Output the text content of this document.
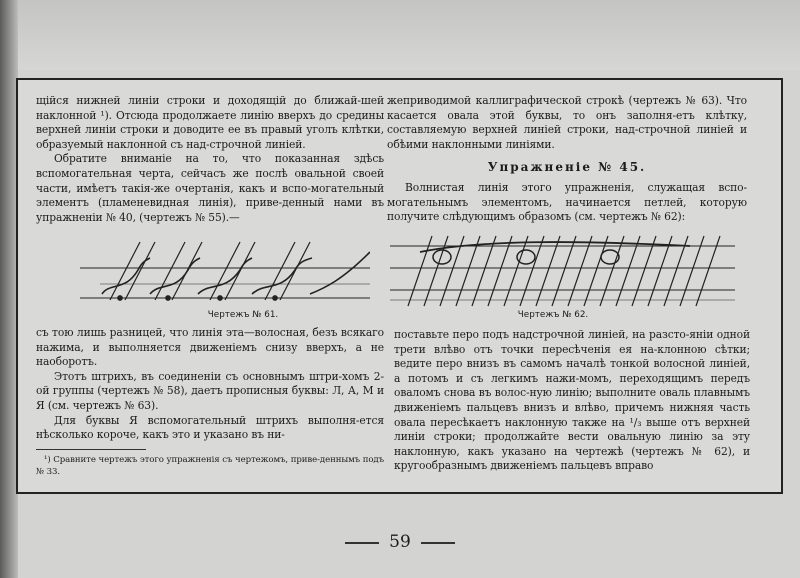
щійся нижней линіи строки и доходящій до ближай-шей наклонной ¹). Отсюда продолжаете линію вверхъ до средины верхней линіи строки и доводите ее въ правый уголъ клѣтки, образуемый наклонной съ над-строчной линіей.

Обратите вниманіе на то, что показанная здѣсь вспомогательная черта, сейчасъ же послѣ овальной своей части, имѣетъ такія-же очертанія, какъ и вспо-могательный элементъ (пламеневидная линія), приве-денный нами въ упражненіи № 40, (чертежъ № 55).—

жеприводимой каллиграфической строкѣ (чертежъ № 63). Что касается овала этой буквы, то онъ заполня-етъ клѣтку, составляемую верхней линіей строки, над-строчной линіей и обѣими наклонными линіями.

Упражненіе № 45.

Волнистая линія этого упражненія, служащая вспо-могательнымъ элементомъ, начинается петлей, которую получите слѣдующимъ образомъ (см. чертежъ № 62):

Чертежъ № 61.	Чертежъ № 62.

съ тою лишь разницей, что линія эта—волосная, безъ всякаго нажима, и выполняется движеніемъ снизу вверхъ, а не наоборотъ.

Этотъ штрихъ, въ соединеніи съ основнымъ штри-хомъ 2-ой группы (чертежъ № 58), даетъ прописныя буквы: Л, А, М и Я (см. чертежъ № 63).

Для буквы Я вспомогательный штрихъ выполня-ется нѣсколько короче, какъ это и указано въ ни-

¹) Сравните чертежъ этого упражненія съ чертежомъ, приве-деннымъ подъ № 33.

поставьте перо подъ надстрочной линіей, на разсто-яніи одной трети влѣво отъ точки пересѣченія ея на-клонною сѣтки; ведите перо внизъ въ самомъ началѣ тонкой волосной линіей, а потомъ и съ легкимъ нажи-момъ, переходящимъ передъ оваломъ снова въ волос-ную линію; выполните оваль плавнымъ движеніемъ пальцевъ внизъ и влѣво, причемъ нижняя часть овала пересѣкаетъ наклонную также на ¹/₃ выше отъ верхней линіи строки; продолжайте вести овальную линію за эту наклонную, какъ указано на чертежѣ (чертежъ № 62), и кругообразнымъ движеніемъ пальцевъ вправо

59
